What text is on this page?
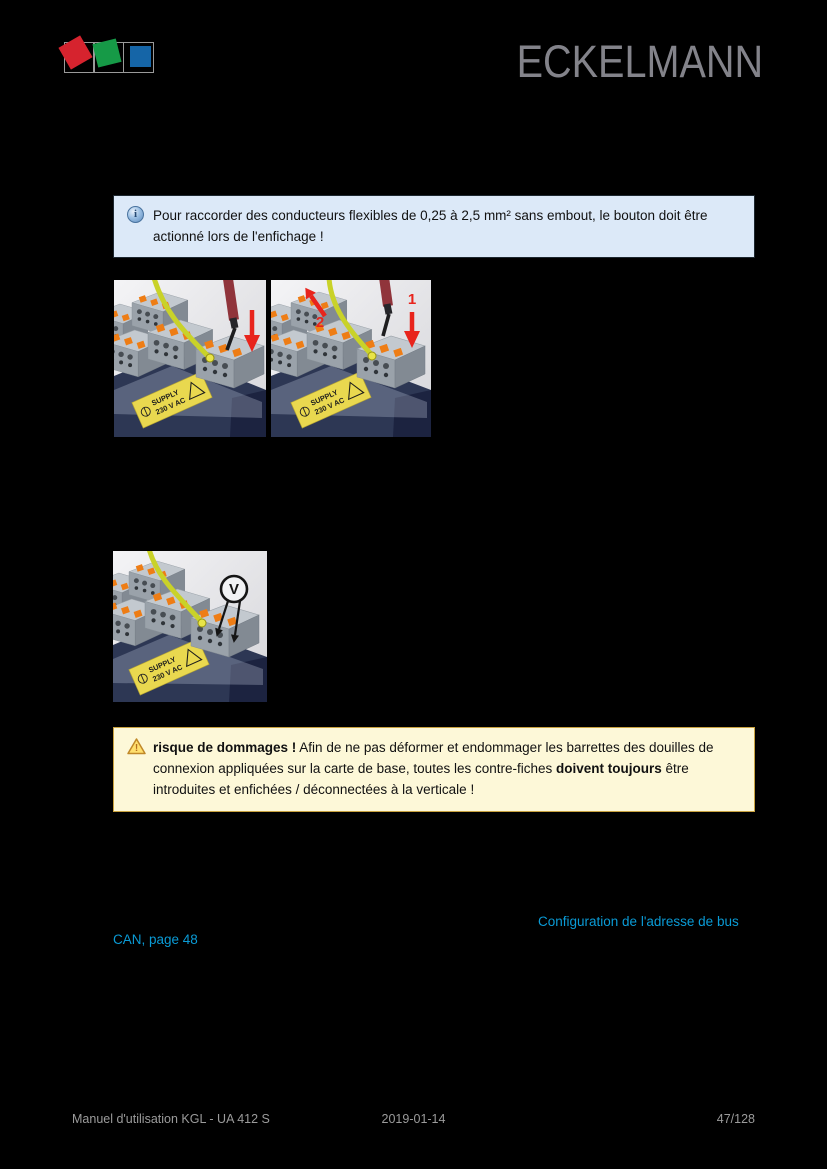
ECKELMANN
i	Pour raccorder des conducteurs flexibles de 0,25 à 2,5 mm² sans embout, le bouton doit être actionné lors de l'enfichage !
1
2
V
! risque de dommages ! Afin de ne pas déformer et endommager les barrettes des douilles de connexion appliquées sur la carte de base, toutes les contre-fiches doivent toujours être introduites et enfichées / déconnectées à la verticale !
Configuration de l'adresse de bus
CAN, page 48
Manuel d'utilisation KGL - UA 412 S	2019-01-14	47/128
